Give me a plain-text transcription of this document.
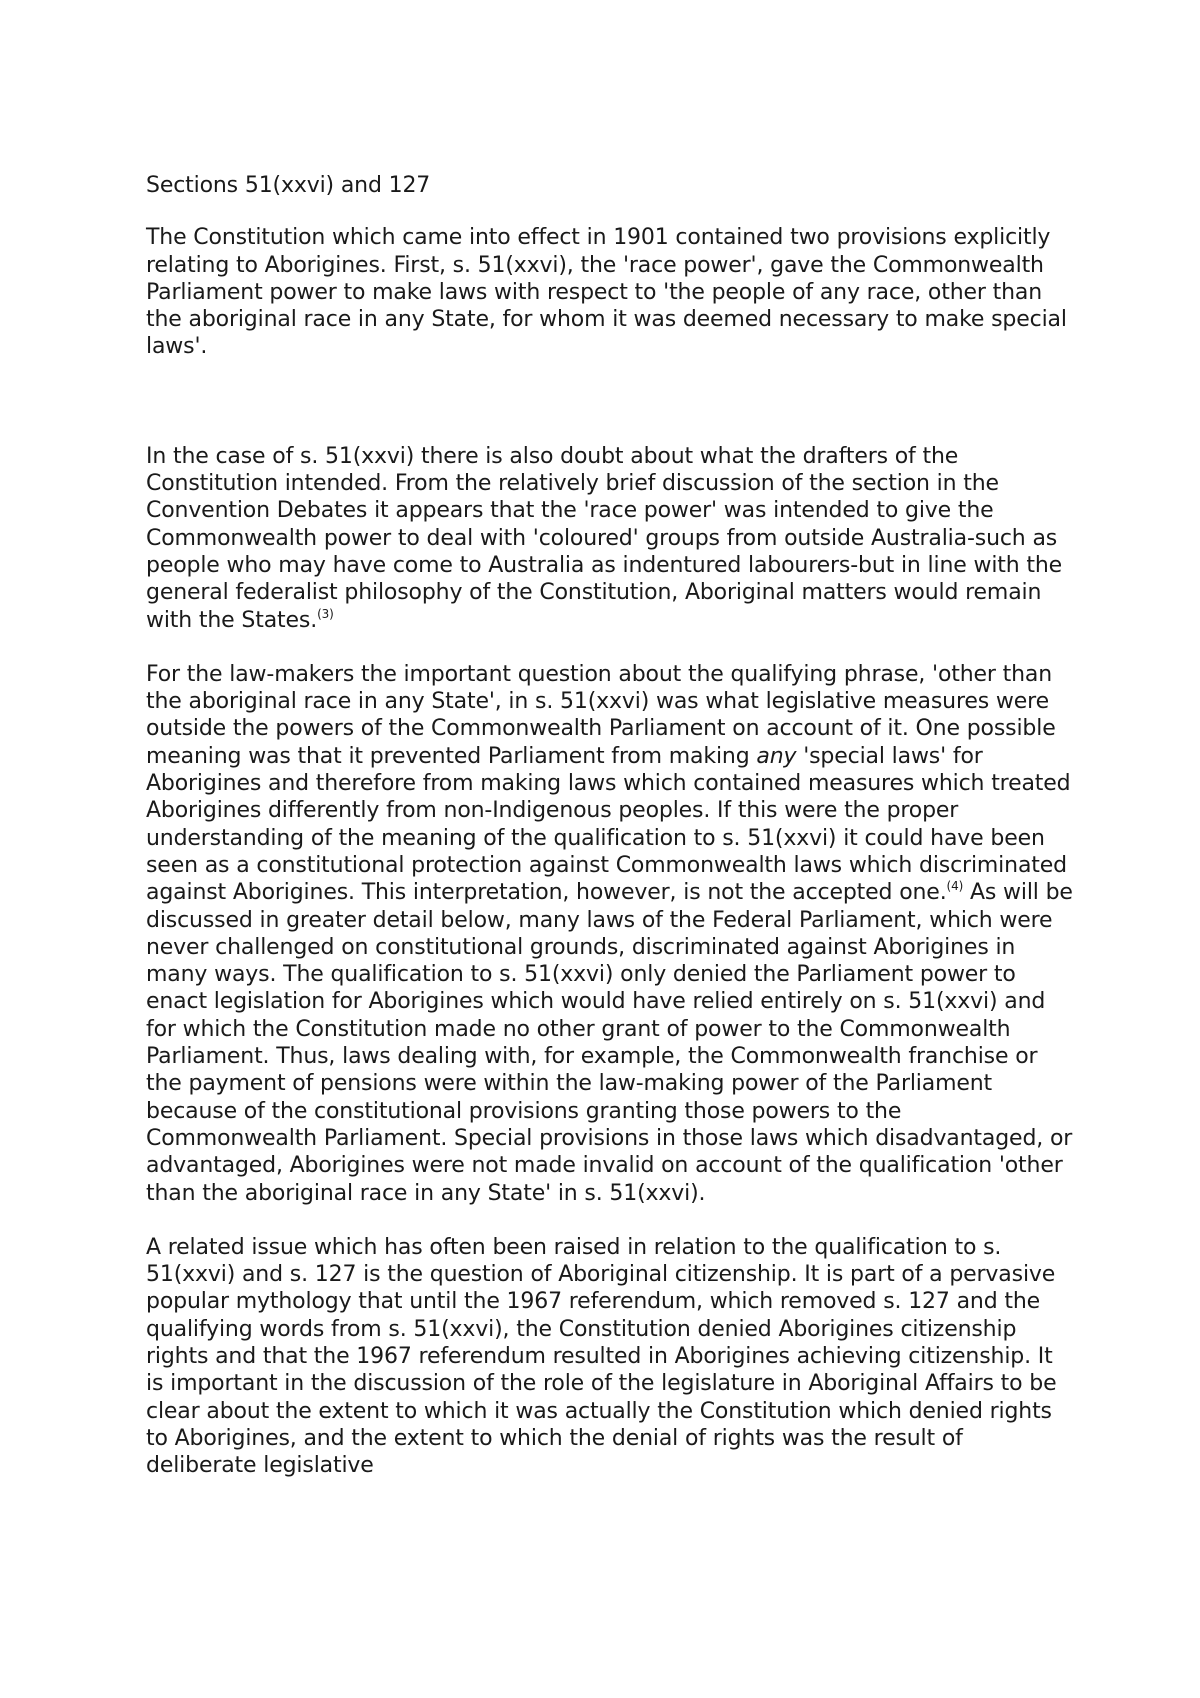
Sections 51(xxvi) and 127

The Constitution which came into effect in 1901 contained two provisions explicitly relating to Aborigines. First, s. 51(xxvi), the 'race power', gave the Commonwealth Parliament power to make laws with respect to 'the people of any race, other than the aboriginal race in any State, for whom it was deemed necessary to make special laws'.

In the case of s. 51(xxvi) there is also doubt about what the drafters of the Constitution intended. From the relatively brief discussion of the section in the Convention Debates it appears that the 'race power' was intended to give the Commonwealth power to deal with 'coloured' groups from outside Australia-such as people who may have come to Australia as indentured labourers-but in line with the general federalist philosophy of the Constitution, Aboriginal matters would remain with the States.$^{(3)}$

For the law-makers the important question about the qualifying phrase, 'other than the aboriginal race in any State', in s. 51(xxvi) was what legislative measures were outside the powers of the Commonwealth Parliament on account of it. One possible meaning was that it prevented Parliament from making any 'special laws' for Aborigines and therefore from making laws which contained measures which treated Aborigines differently from non-Indigenous peoples. If this were the proper understanding of the meaning of the qualification to s. 51(xxvi) it could have been seen as a constitutional protection against Commonwealth laws which discriminated against Aborigines. This interpretation, however, is not the accepted one.$^{(4)}$ As will be discussed in greater detail below, many laws of the Federal Parliament, which were never challenged on constitutional grounds, discriminated against Aborigines in many ways. The qualification to s. 51(xxvi) only denied the Parliament power to enact legislation for Aborigines which would have relied entirely on s. 51(xxvi) and for which the Constitution made no other grant of power to the Commonwealth Parliament. Thus, laws dealing with, for example, the Commonwealth franchise or the payment of pensions were within the law-making power of the Parliament because of the constitutional provisions granting those powers to the Commonwealth Parliament. Special provisions in those laws which disadvantaged, or advantaged, Aborigines were not made invalid on account of the qualification 'other than the aboriginal race in any State' in s. 51(xxvi).

A related issue which has often been raised in relation to the qualification to s. 51(xxvi) and s. 127 is the question of Aboriginal citizenship. It is part of a pervasive popular mythology that until the 1967 referendum, which removed s. 127 and the qualifying words from s. 51(xxvi), the Constitution denied Aborigines citizenship rights and that the 1967 referendum resulted in Aborigines achieving citizenship. It is important in the discussion of the role of the legislature in Aboriginal Affairs to be clear about the extent to which it was actually the Constitution which denied rights to Aborigines, and the extent to which the denial of rights was the result of deliberate legislative
